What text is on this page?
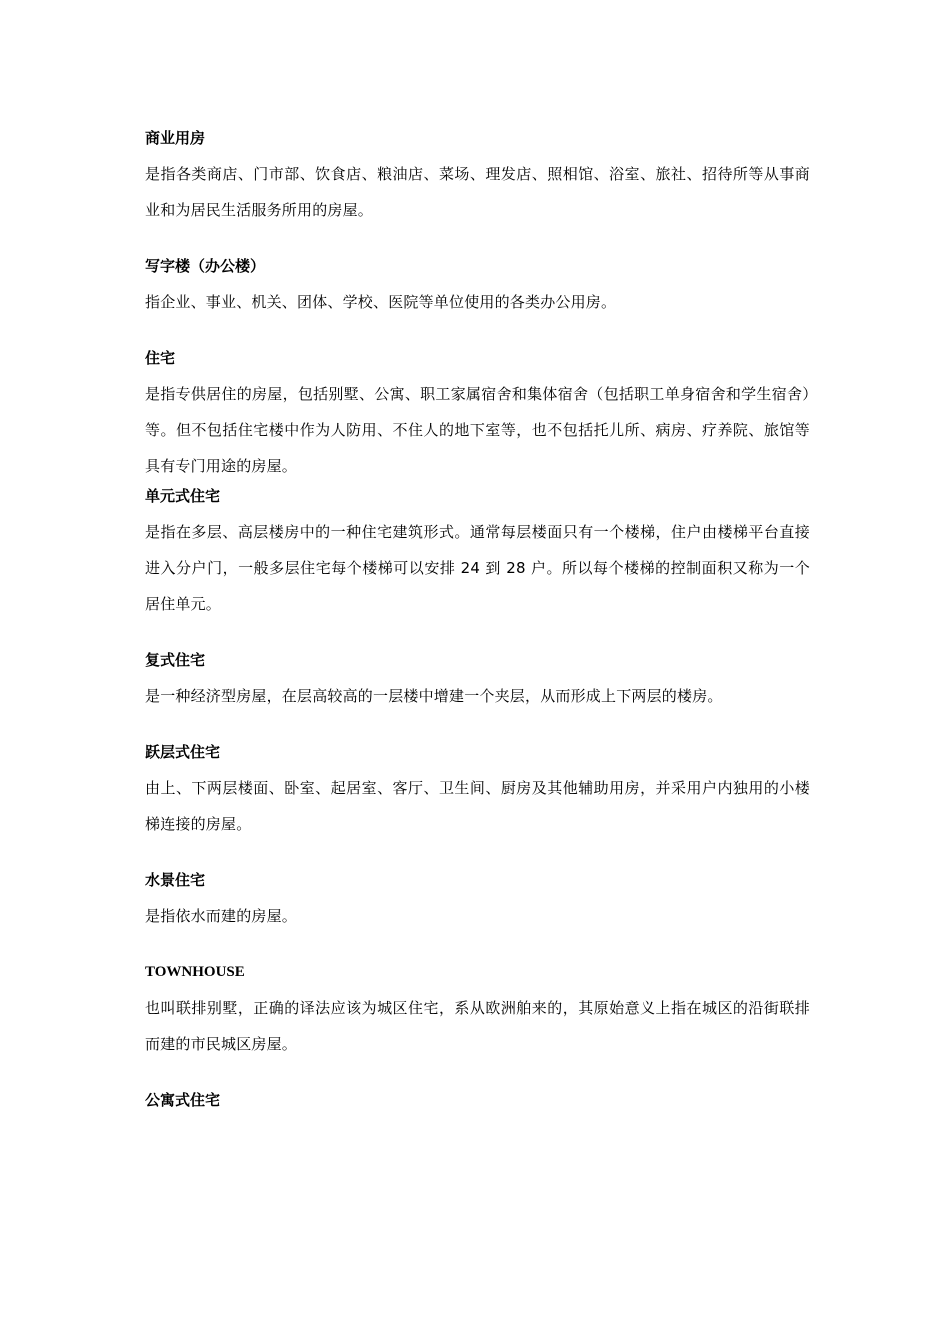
商业用房

是指各类商店、门市部、饮食店、粮油店、菜场、理发店、照相馆、浴室、旅社、招待所等从事商业和为居民生活服务所用的房屋。

写字楼（办公楼）

指企业、事业、机关、团体、学校、医院等单位使用的各类办公用房。

住宅

是指专供居住的房屋，包括别墅、公寓、职工家属宿舍和集体宿舍（包括职工单身宿舍和学生宿舍）等。但不包括住宅楼中作为人防用、不住人的地下室等，也不包括托儿所、病房、疗养院、旅馆等具有专门用途的房屋。

单元式住宅

是指在多层、高层楼房中的一种住宅建筑形式。通常每层楼面只有一个楼梯，住户由楼梯平台直接进入分户门，一般多层住宅每个楼梯可以安排 24 到 28 户。所以每个楼梯的控制面积又称为一个居住单元。

复式住宅

是一种经济型房屋，在层高较高的一层楼中增建一个夹层，从而形成上下两层的楼房。

跃层式住宅

由上、下两层楼面、卧室、起居室、客厅、卫生间、厨房及其他辅助用房，并采用户内独用的小楼梯连接的房屋。

水景住宅

是指依水而建的房屋。

TOWNHOUSE

也叫联排别墅，正确的译法应该为城区住宅，系从欧洲舶来的，其原始意义上指在城区的沿街联排而建的市民城区房屋。

公寓式住宅
